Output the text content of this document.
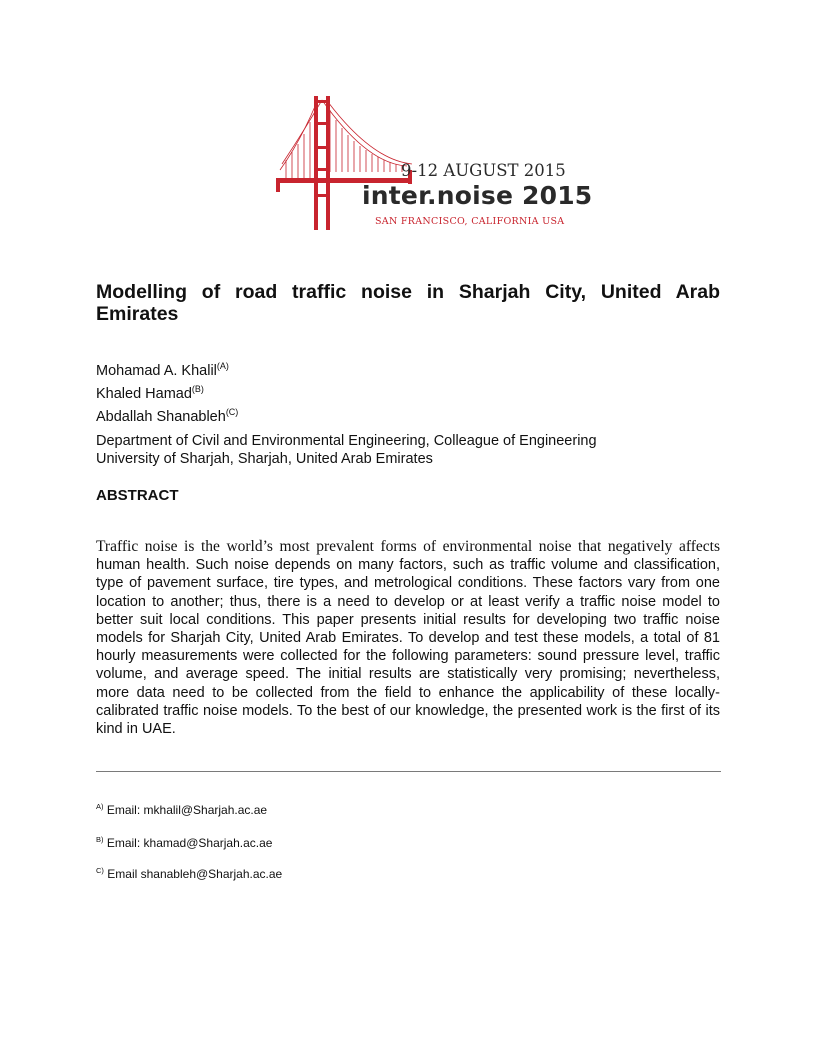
9-12 AUGUST 2015
inter.noise 2015
SAN FRANCISCO, CALIFORNIA USA
Modelling of road traffic noise in Sharjah City, United Arab Emirates
Mohamad A. Khalil$^{(A)}$
Khaled Hamad$^{(B)}$
Abdallah Shanableh$^{(C)}$
Department of Civil and Environmental Engineering, Colleague of Engineering
University of Sharjah, Sharjah, United Arab Emirates
ABSTRACT

Traffic noise is the world’s most prevalent forms of environmental noise that negatively affects human health. Such noise depends on many factors, such as traffic volume and classification, type of pavement surface, tire types, and metrological conditions. These factors vary from one location to another; thus, there is a need to develop or at least verify a traffic noise model to better suit local conditions. This paper presents initial results for developing two traffic noise models for Sharjah City, United Arab Emirates. To develop and test these models, a total of 81 hourly measurements were collected for the following parameters: sound pressure level, traffic volume, and average speed. The initial results are statistically very promising; nevertheless, more data need to be collected from the field to enhance the applicability of these locally-calibrated traffic noise models. To the best of our knowledge, the presented work is the first of its kind in UAE.

$^{A)}$ Email: mkhalil@Sharjah.ac.ae
$^{B)}$ Email: khamad@Sharjah.ac.ae
$^{C)}$ Email shanableh@Sharjah.ac.ae
